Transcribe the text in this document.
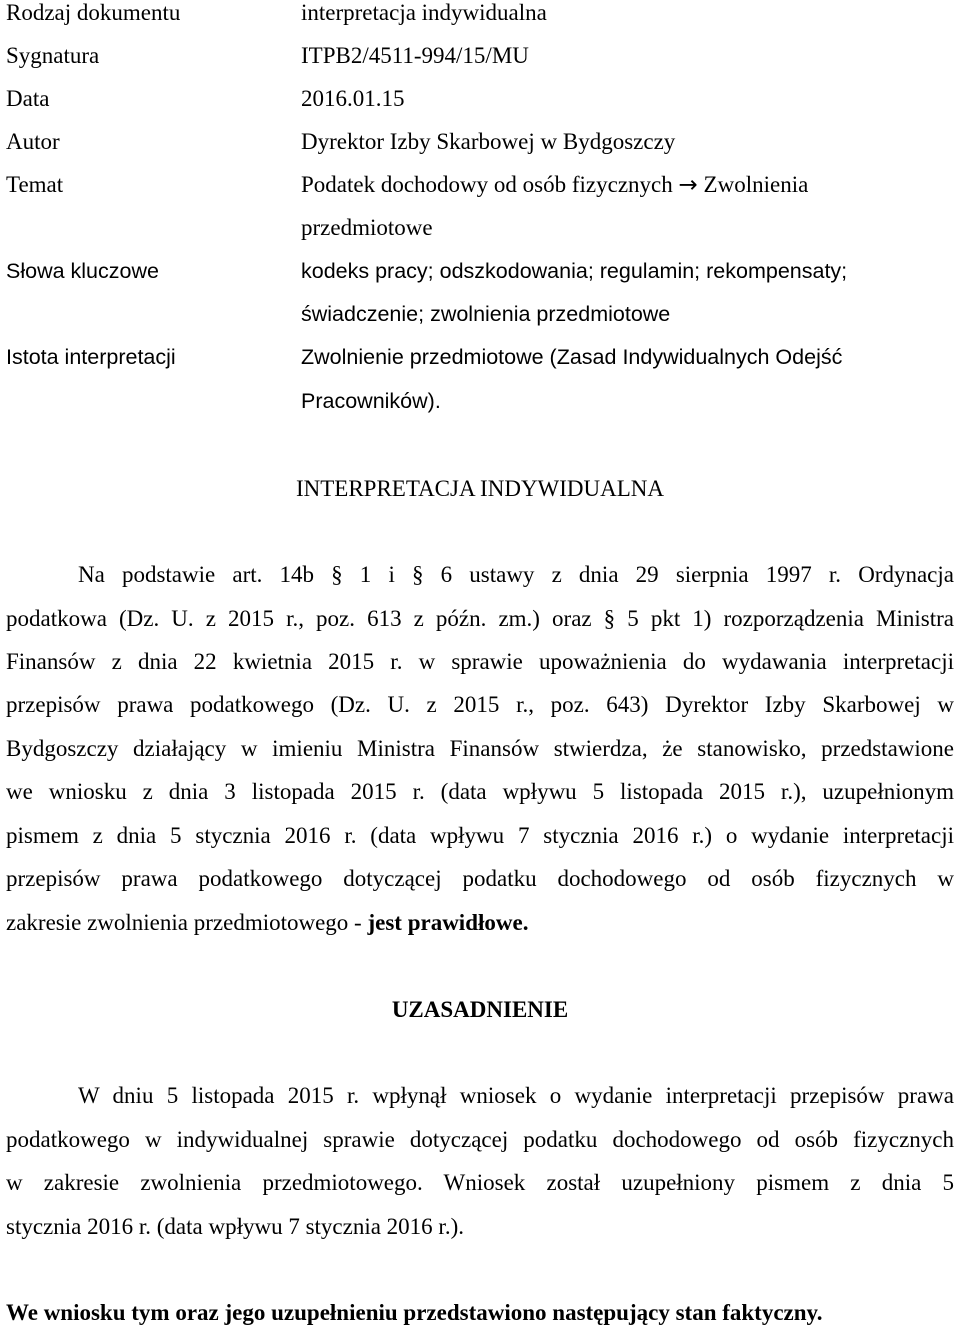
Rodzaj dokumentu	interpretacja indywidualna
Sygnatura	ITPB2/4511-994/15/MU
Data	2016.01.15
Autor	Dyrektor Izby Skarbowej w Bydgoszczy
Temat	Podatek dochodowy od osób fizycznych → Zwolnienia
przedmiotowe
Słowa kluczowe	kodeks pracy; odszkodowania; regulamin; rekompensaty;
świadczenie; zwolnienia przedmiotowe
Istota interpretacji	Zwolnienie przedmiotowe (Zasad Indywidualnych Odejść
Pracowników).
INTERPRETACJA INDYWIDUALNA
Na podstawie art. 14b § 1 i § 6 ustawy z dnia 29 sierpnia 1997 r. Ordynacja
podatkowa (Dz. U. z 2015 r., poz. 613 z późn. zm.) oraz § 5 pkt 1) rozporządzenia Ministra
Finansów z dnia 22 kwietnia 2015 r. w sprawie upoważnienia do wydawania interpretacji
przepisów prawa podatkowego (Dz. U. z 2015 r., poz. 643) Dyrektor Izby Skarbowej w
Bydgoszczy działający w imieniu Ministra Finansów stwierdza, że stanowisko, przedstawione
we wniosku z dnia 3 listopada 2015 r. (data wpływu 5 listopada 2015 r.), uzupełnionym
pismem z dnia 5 stycznia 2016 r. (data wpływu 7 stycznia 2016 r.) o wydanie interpretacji
przepisów prawa podatkowego dotyczącej podatku dochodowego od osób fizycznych w
zakresie zwolnienia przedmiotowego - jest prawidłowe.
UZASADNIENIE
W dniu 5 listopada 2015 r. wpłynął wniosek o wydanie interpretacji przepisów prawa
podatkowego w indywidualnej sprawie dotyczącej podatku dochodowego od osób fizycznych
w zakresie zwolnienia przedmiotowego. Wniosek został uzupełniony pismem z dnia 5
stycznia 2016 r. (data wpływu 7 stycznia 2016 r.).
We wniosku tym oraz jego uzupełnieniu przedstawiono następujący stan faktyczny.
